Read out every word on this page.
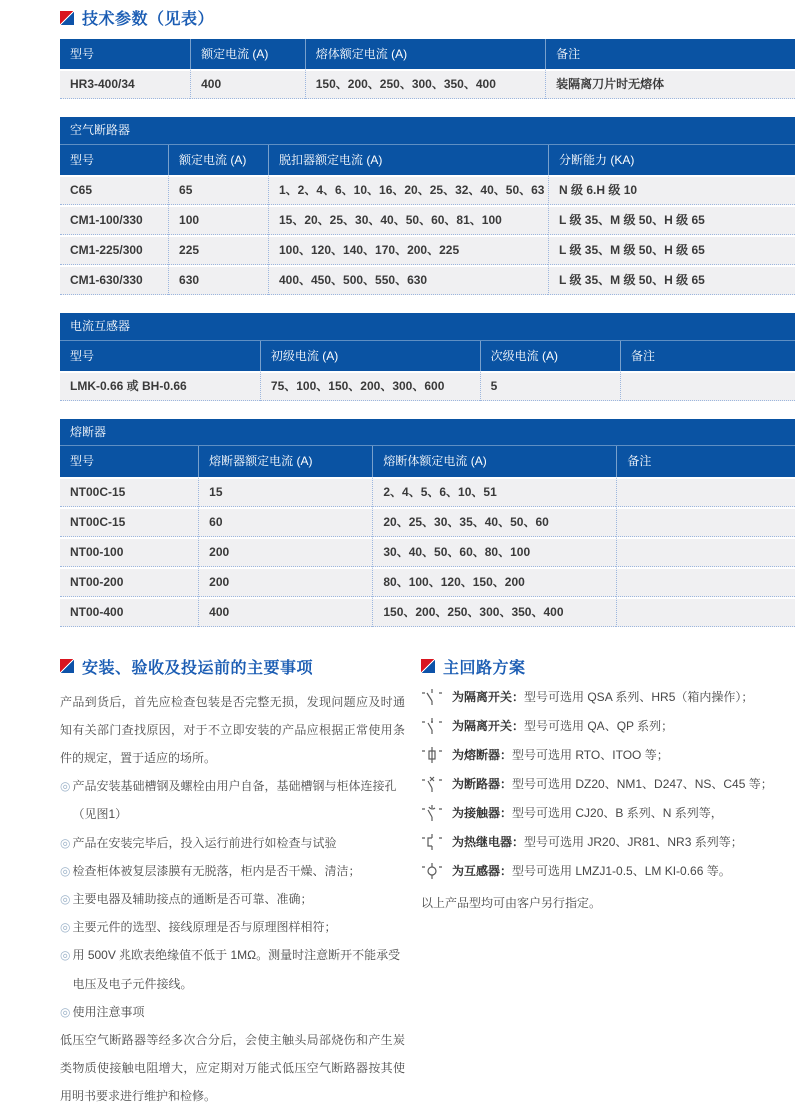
技术参数（见表）
型号	额定电流 (A)	熔体额定电流 (A)	备注
HR3-400/34	400	150、200、250、300、350、400	装隔离刀片时无熔体
空气断路器			
型号	额定电流 (A)	脱扣器额定电流 (A)	分断能力 (KA)
C65	65	1、2、4、6、10、16、20、25、32、40、50、63	N 级 6.H 级 10
CM1-100/330	100	15、20、25、30、40、50、60、81、100	L 级 35、M 级 50、H 级 65
CM1-225/300	225	100、120、140、170、200、225	L 级 35、M 级 50、H 级 65
CM1-630/330	630	400、450、500、550、630	L 级 35、M 级 50、H 级 65
电流互感器			
型号	初级电流 (A)	次级电流 (A)	备注
LMK-0.66 或 BH-0.66	75、100、150、200、300、600	5	
熔断器			
型号	熔断器额定电流 (A)	熔断体额定电流 (A)	备注
NT00C-15	15	2、4、5、6、10、51	
NT00C-15	60	20、25、30、35、40、50、60	
NT00-100	200	30、40、50、60、80、100	
NT00-200	200	80、100、120、150、200	
NT00-400	400	150、200、250、300、350、400	
安装、验收及投运前的主要事项

产品到货后，首先应检查包装是否完整无损，发现问题应及时通知有关部门查找原因，对于不立即安装的产品应根据正常使用条件的规定，置于适应的场所。

◎ 产品安装基础槽钢及螺栓由用户自备，基础槽钢与柜体连接孔（见图1）
◎ 产品在安装完毕后，投入运行前进行如检查与试验
◎ 检查柜体被复层漆膜有无脱落，柜内是否干燥、清洁；
◎ 主要电器及辅助接点的通断是否可靠、准确；
◎ 主要元件的选型、接线原理是否与原理图样相符；
◎ 用 500V 兆欧表绝缘值不低于 1MΩ。测量时注意断开不能承受电压及电子元件接线。
◎ 使用注意事项

低压空气断路器等经多次合分后，会使主触头局部烧伤和产生炭类物质使接触电阻增大，应定期对万能式低压空气断路器按其使用明书要求进行维护和检修。

主回路方案
为隔离开关： 型号可选用 QSA 系列、HR5（箱内操作）；
为隔离开关： 型号可选用 QA、QP 系列；
为熔断器： 型号可选用 RTO、ITOO 等；
为断路器： 型号可选用 DZ20、NM1、D247、NS、C45 等；
为接触器： 型号可选用 CJ20、B 系列、N 系列等，
为热继电器： 型号可选用 JR20、JR81、NR3 系列等；
为互感器： 型号可选用 LMZJ1-0.5、LM KI-0.66 等。

以上产品型均可由客户另行指定。
